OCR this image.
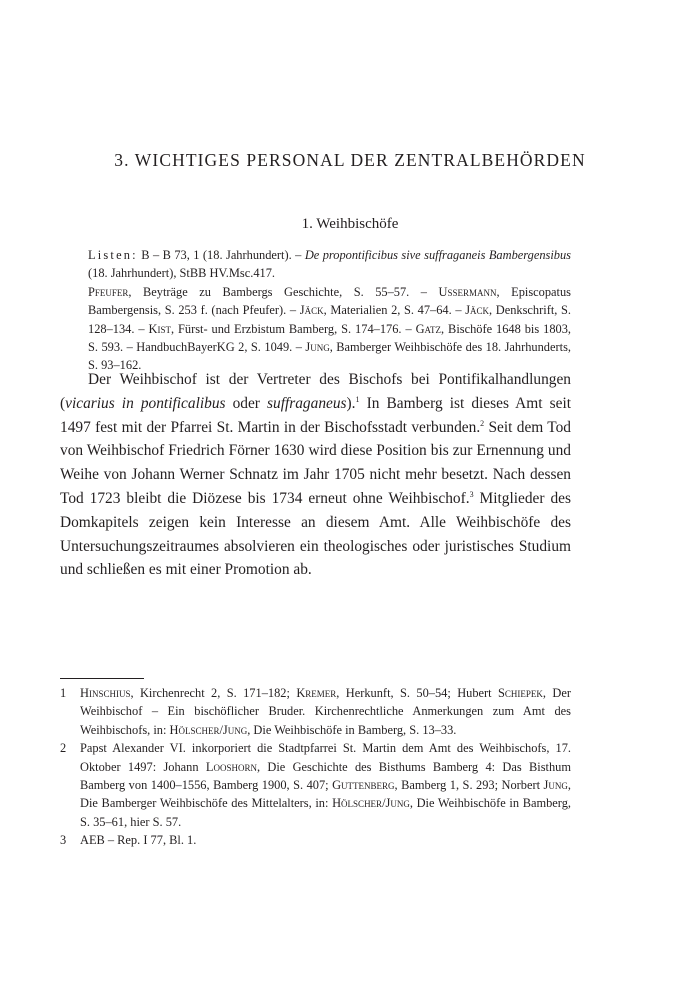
3. WICHTIGES PERSONAL DER ZENTRALBEHÖRDEN
1. Weihbischöfe

Listen: B – B 73, 1 (18. Jahrhundert). – De propontificibus sive suffraganeis Bambergensibus (18. Jahrhundert), StBB HV.Msc.417.

Pfeufer, Beyträge zu Bambergs Geschichte, S. 55–57. – Ussermann, Episcopatus Bambergensis, S. 253 f. (nach Pfeufer). – Jäck, Materialien 2, S. 47–64. – Jäck, Denkschrift, S. 128–134. – Kist, Fürst- und Erzbistum Bamberg, S. 174–176. – Gatz, Bischöfe 1648 bis 1803, S. 593. – HandbuchBayerKG 2, S. 1049. – Jung, Bamberger Weihbischöfe des 18. Jahrhunderts, S. 93–162.

Der Weihbischof ist der Vertreter des Bischofs bei Pontifikalhandlungen (vicarius in pontificalibus oder suffraganeus).$^1$ In Bamberg ist dieses Amt seit 1497 fest mit der Pfarrei St. Martin in der Bischofsstadt verbunden.$^2$ Seit dem Tod von Weihbischof Friedrich Förner 1630 wird diese Position bis zur Ernennung und Weihe von Johann Werner Schnatz im Jahr 1705 nicht mehr besetzt. Nach dessen Tod 1723 bleibt die Diözese bis 1734 erneut ohne Weihbischof.$^3$ Mitglieder des Domkapitels zeigen kein Interesse an diesem Amt. Alle Weihbischöfe des Untersuchungszeitraumes absolvieren ein theologisches oder juristisches Studium und schließen es mit einer Promotion ab.

1 Hinschius, Kirchenrecht 2, S. 171–182; Kremer, Herkunft, S. 50–54; Hubert Schiepek, Der Weihbischof – Ein bischöflicher Bruder. Kirchenrechtliche Anmerkungen zum Amt des Weihbischofs, in: Hölscher/Jung, Die Weihbischöfe in Bamberg, S. 13–33.
2 Papst Alexander VI. inkorporiert die Stadtpfarrei St. Martin dem Amt des Weihbischofs, 17. Oktober 1497: Johann Looshorn, Die Geschichte des Bisthums Bamberg 4: Das Bisthum Bamberg von 1400–1556, Bamberg 1900, S. 407; Guttenberg, Bamberg 1, S. 293; Norbert Jung, Die Bamberger Weihbischöfe des Mittelalters, in: Hölscher/Jung, Die Weihbischöfe in Bamberg, S. 35–61, hier S. 57.
3 AEB – Rep. I 77, Bl. 1.
